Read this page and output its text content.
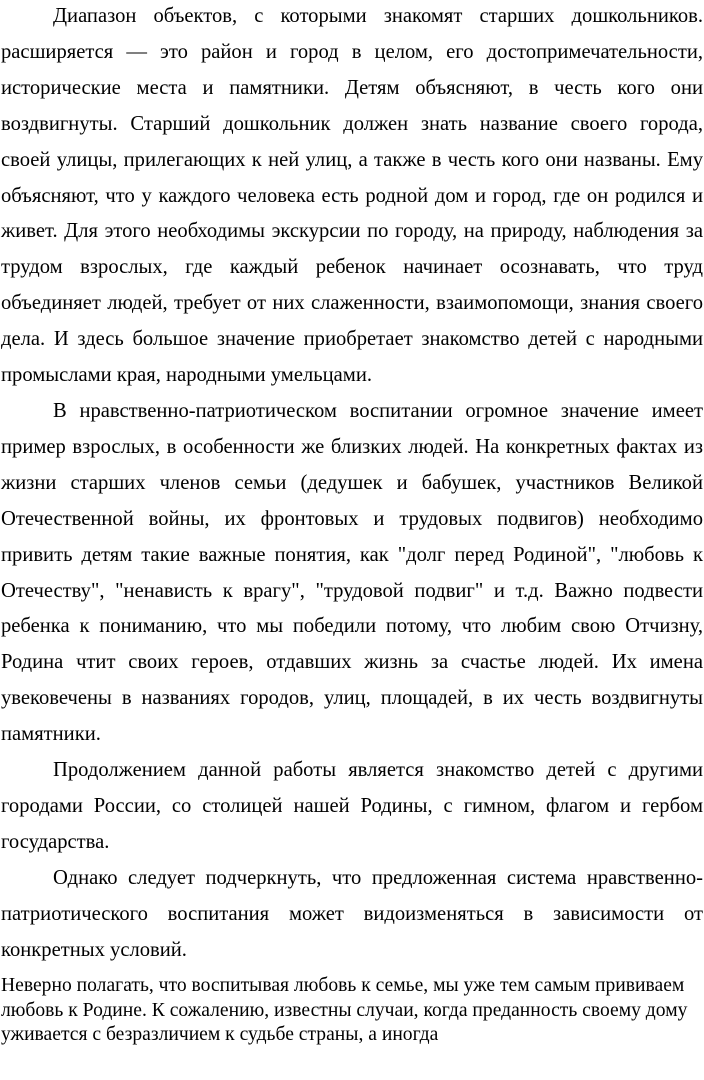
Диапазон объектов, с которыми знакомят старших дошкольников. расширяется — это район и город в целом, его достопримечательности, исторические места и памятники. Детям объясняют, в честь кого они воздвигнуты. Старший дошкольник должен знать название своего города, своей улицы, прилегающих к ней улиц, а также в честь кого они названы. Ему объясняют, что у каждого человека есть родной дом и город, где он родился и живет. Для этого необходимы экскурсии по городу, на природу, наблюдения за трудом взрослых, где каждый ребенок начинает осознавать, что труд объединяет людей, требует от них слаженности, взаимопомощи, знания своего дела. И здесь большое значение приобретает знакомство детей с народными промыслами края, народными умельцами.

В нравственно-патриотическом воспитании огромное значение имеет пример взрослых, в особенности же близких людей. На конкретных фактах из жизни старших членов семьи (дедушек и бабушек, участников Великой Отечественной войны, их фронтовых и трудовых подвигов) необходимо привить детям такие важные понятия, как "долг перед Родиной", "любовь к Отечеству", "ненависть к врагу", "трудовой подвиг" и т.д. Важно подвести ребенка к пониманию, что мы победили потому, что любим свою Отчизну, Родина чтит своих героев, отдавших жизнь за счастье людей. Их имена увековечены в названиях городов, улиц, площадей, в их честь воздвигнуты памятники.

Продолжением данной работы является знакомство детей с другими городами России, со столицей нашей Родины, с гимном, флагом и гербом государства.

Однако следует подчеркнуть, что предложенная система нравственно-патриотического воспитания может видоизменяться в зависимости от конкретных условий.

Неверно полагать, что воспитывая любовь к семье, мы уже тем самым прививаем любовь к Родине. К сожалению, известны случаи, когда преданность своему дому уживается с безразличием к судьбе страны, а иногда
